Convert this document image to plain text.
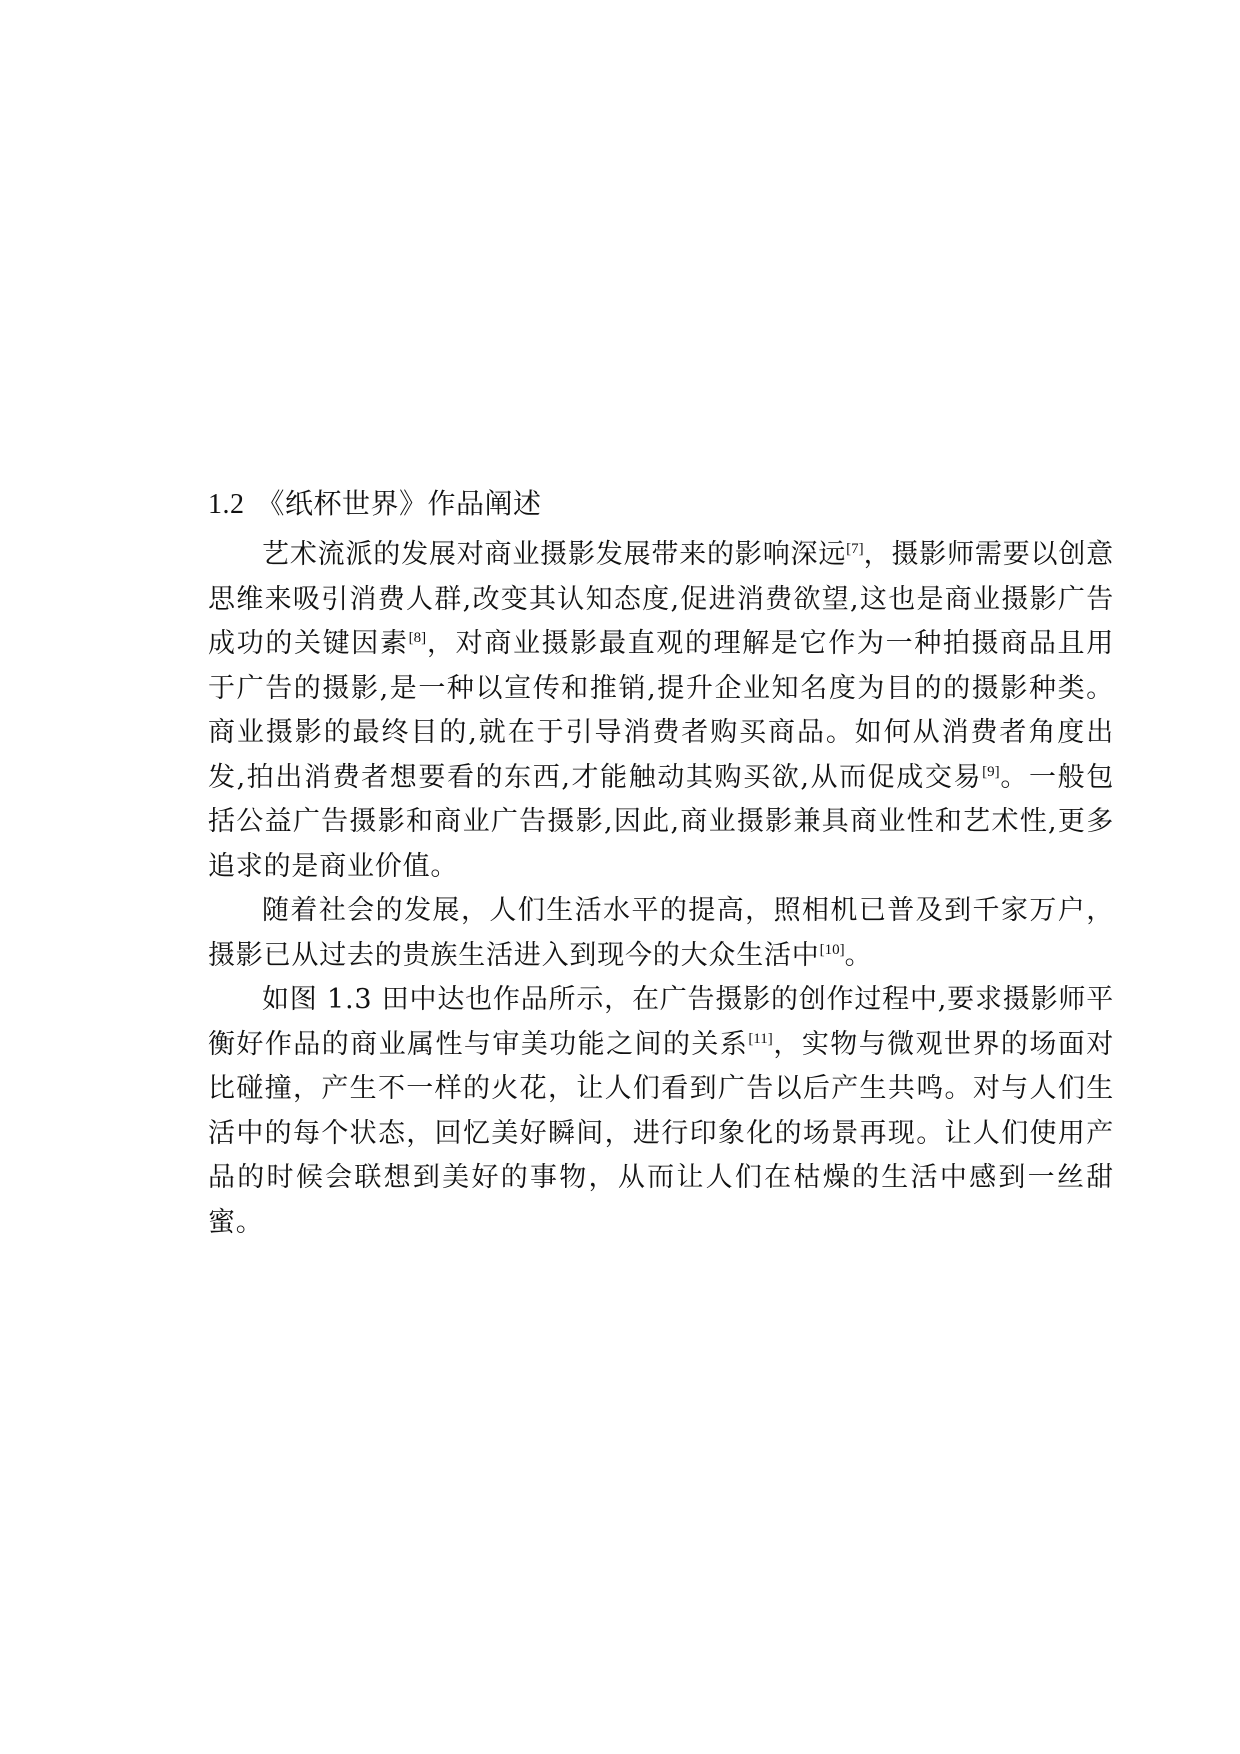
1.2 《纸杯世界》作品阐述

艺术流派的发展对商业摄影发展带来的影响深远[7]，摄影师需要以创意思维来吸引消费人群,改变其认知态度,促进消费欲望,这也是商业摄影广告成功的关键因素[8]，对商业摄影最直观的理解是它作为一种拍摄商品且用于广告的摄影,是一种以宣传和推销,提升企业知名度为目的的摄影种类。商业摄影的最终目的,就在于引导消费者购买商品。如何从消费者角度出发,拍出消费者想要看的东西,才能触动其购买欲,从而促成交易[9]。一般包括公益广告摄影和商业广告摄影,因此,商业摄影兼具商业性和艺术性,更多追求的是商业价值。

随着社会的发展，人们生活水平的提高，照相机已普及到千家万户，摄影已从过去的贵族生活进入到现今的大众生活中[10]。

如图 1.3 田中达也作品所示，在广告摄影的创作过程中,要求摄影师平衡好作品的商业属性与审美功能之间的关系[11]，实物与微观世界的场面对比碰撞，产生不一样的火花，让人们看到广告以后产生共鸣。对与人们生活中的每个状态，回忆美好瞬间，进行印象化的场景再现。让人们使用产品的时候会联想到美好的事物，从而让人们在枯燥的生活中感到一丝甜蜜。
